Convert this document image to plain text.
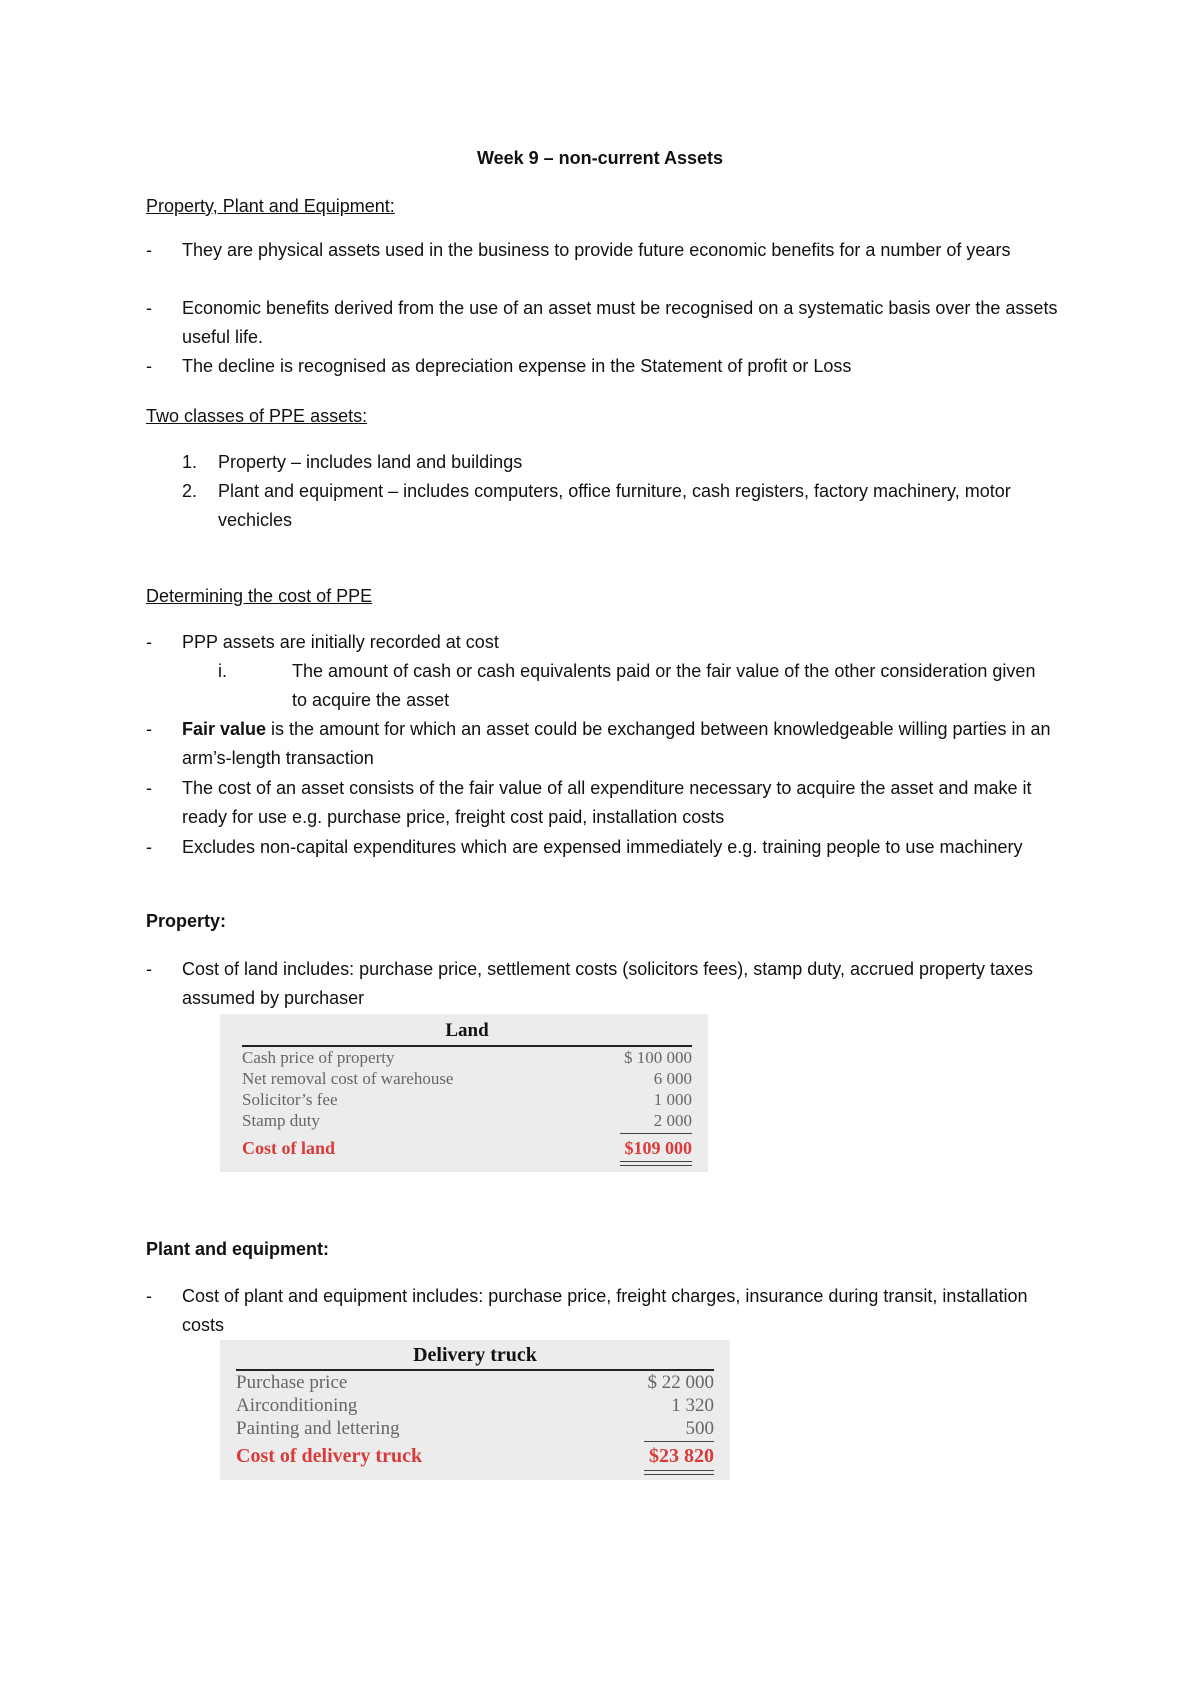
Week 9 – non-current Assets
Property, Plant and Equipment:
- They are physical assets used in the business to provide future economic benefits for a number of years
- Economic benefits derived from the use of an asset must be recognised on a systematic basis over the assets useful life.
- The decline is recognised as depreciation expense in the Statement of profit or Loss
Two classes of PPE assets:
1. Property – includes land and buildings
2. Plant and equipment – includes computers, office furniture, cash registers, factory machinery, motor vechicles
Determining the cost of PPE
- PPP assets are initially recorded at cost
i.	The amount of cash or cash equivalents paid or the fair value of the other consideration given to acquire the asset
- Fair value is the amount for which an asset could be exchanged between knowledgeable willing parties in an arm’s-length transaction
- The cost of an asset consists of the fair value of all expenditure necessary to acquire the asset and make it ready for use e.g. purchase price, freight cost paid, installation costs
- Excludes non-capital expenditures which are expensed immediately e.g. training people to use machinery
Property:
- Cost of land includes: purchase price, settlement costs (solicitors fees), stamp duty, accrued property taxes assumed by purchaser
Land
Cash price of property	$ 100 000
Net removal cost of warehouse	6 000
Solicitor’s fee	1 000
Stamp duty	2 000
Cost of land	$109 000
Plant and equipment:
- Cost of plant and equipment includes: purchase price, freight charges, insurance during transit, installation costs
Delivery truck
Purchase price	$ 22 000
Airconditioning	1 320
Painting and lettering	500
Cost of delivery truck	$23 820
